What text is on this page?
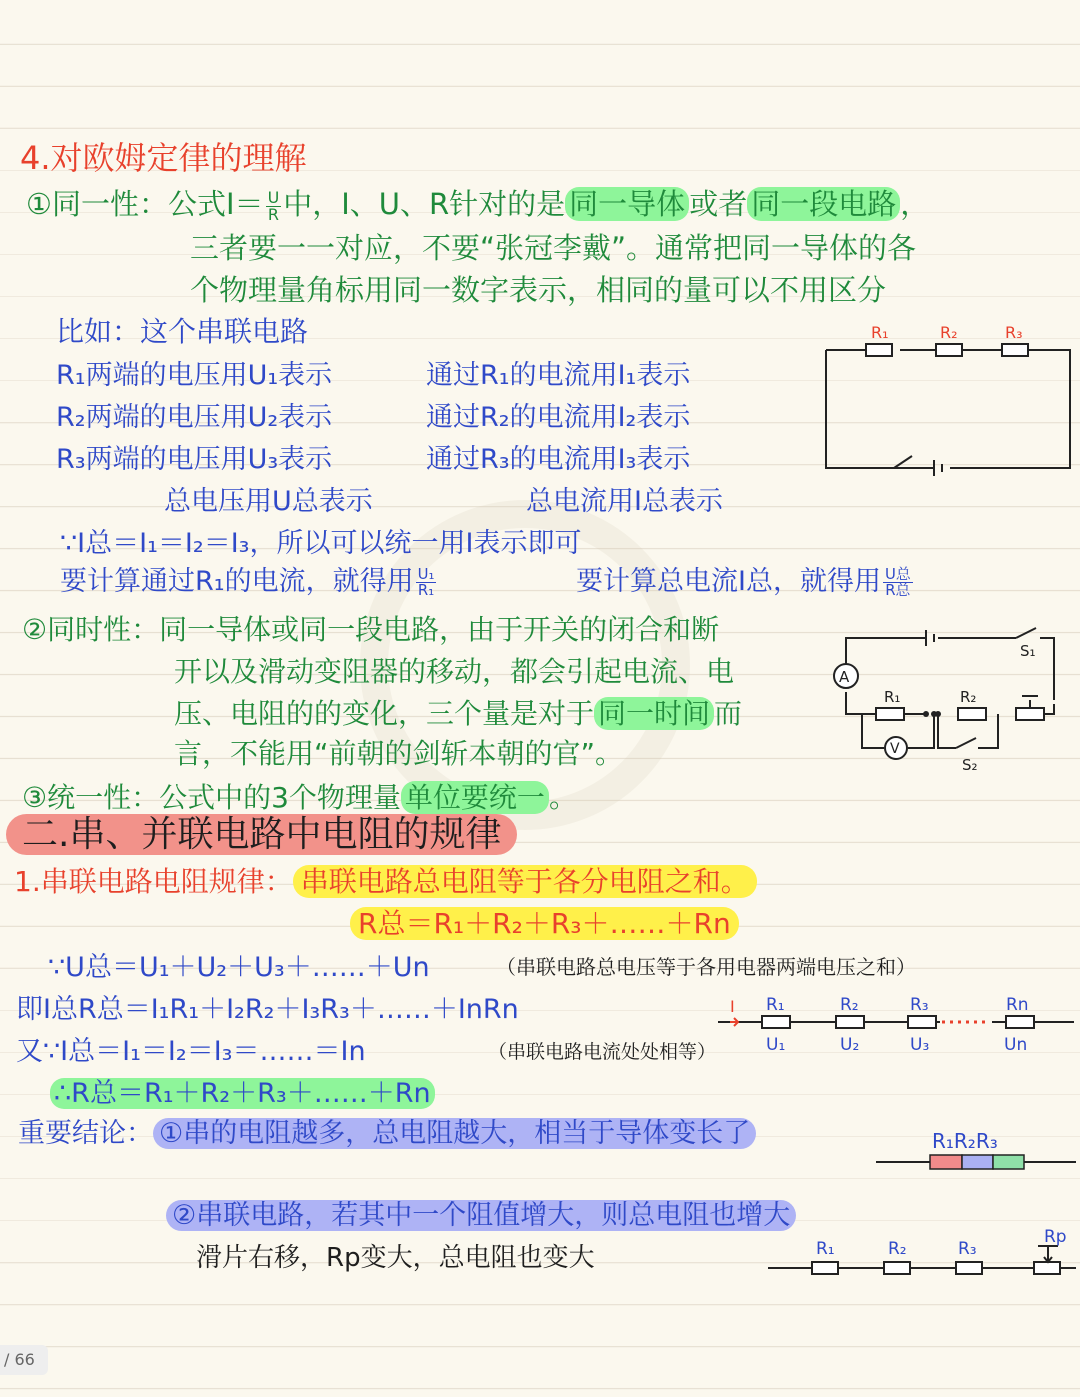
4.对欧姆定律的理解
①同一性：公式$I= \frac{U}{R}$ 中，I、U、R针对的是 同一导体 或者 同一段电路 ，
三者要一一对应，不要“张冠李戴”。通常把同一导体的各
个物理量角标用同一数字表示，相同的量可以不用区分
比如：这个串联电路
R₁两端的电压用U₁表示	通过R₁的电流用I₁表示
R₂两端的电压用U₂表示	通过R₂的电流用I₂表示
R₃两端的电压用U₃表示	通过R₃的电流用I₃表示
总电压用U总表示	总电流用I总表示
∵I总＝I₁＝I₂＝I₃，所以可以统一用I表示即可
要计算通过R₁的电流，就得用 $\frac{\text{U₁}}{\text{R₁}}$	要计算总电流I总，就得用 $\frac{\text{U总}}{\text{R总}}$
②同时性：同一导体或同一段电路，由于开关的闭合和断
开以及滑动变阻器的移动，都会引起电流、电
压、电阻的的变化，三个量是对于 同一时间 而
言，不能用“前朝的剑斩本朝的官”。
③统一性：公式中的3个物理量 单位要统一 。
二.串、并联电路中电阻的规律
1.串联电路电阻规律： 串联电路总电阻等于各分电阻之和。
R总＝R₁＋R₂＋R₃＋……＋Rn
∵U总＝U₁＋U₂＋U₃＋……＋Un	（串联电路总电压等于各用电器两端电压之和）
即I总R总＝I₁R₁＋I₂R₂＋I₃R₃＋……＋InRn
又∵I总＝I₁＝I₂＝I₃＝……＝In	（串联电路电流处处相等）
∴R总＝R₁＋R₂＋R₃＋……＋Rn
重要结论： ①串的电阻越多，总电阻越大，相当于导体变长了
②串联电路，若其中一个阻值增大，则总电阻也增大
滑片右移，Rp变大，总电阻也变大
R₁	R₂	R₃
S₁
A
R₁	R₂
V
S₂
I R₁	R₂	R₃	Rn
U₁	U₂	U₃	Un
R₁R₂R₃
R₁	R₂	R₃
Rp
/ 66
